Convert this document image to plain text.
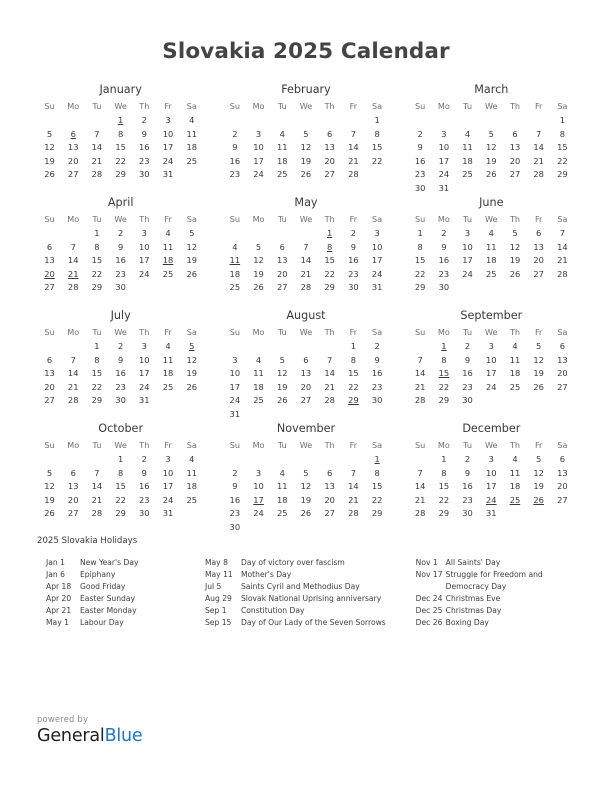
Slovakia 2025 Calendar
January
Su	Mo	Tu	We	Th	Fr	Sa
			1	2	3	4
5	6	7	8	9	10	11
12	13	14	15	16	17	18
19	20	21	22	23	24	25
26	27	28	29	30	31	
February
Su	Mo	Tu	We	Th	Fr	Sa
						1
2	3	4	5	6	7	8
9	10	11	12	13	14	15
16	17	18	19	20	21	22
23	24	25	26	27	28	
March
Su	Mo	Tu	We	Th	Fr	Sa
						1
2	3	4	5	6	7	8
9	10	11	12	13	14	15
16	17	18	19	20	21	22
23	24	25	26	27	28	29
30	31					
April
Su	Mo	Tu	We	Th	Fr	Sa
		1	2	3	4	5
6	7	8	9	10	11	12
13	14	15	16	17	18	19
20	21	22	23	24	25	26
27	28	29	30			
May
Su	Mo	Tu	We	Th	Fr	Sa
				1	2	3
4	5	6	7	8	9	10
11	12	13	14	15	16	17
18	19	20	21	22	23	24
25	26	27	28	29	30	31
June
Su	Mo	Tu	We	Th	Fr	Sa
1	2	3	4	5	6	7
8	9	10	11	12	13	14
15	16	17	18	19	20	21
22	23	24	25	26	27	28
29	30					
July
Su	Mo	Tu	We	Th	Fr	Sa
		1	2	3	4	5
6	7	8	9	10	11	12
13	14	15	16	17	18	19
20	21	22	23	24	25	26
27	28	29	30	31		
August
Su	Mo	Tu	We	Th	Fr	Sa
					1	2
3	4	5	6	7	8	9
10	11	12	13	14	15	16
17	18	19	20	21	22	23
24	25	26	27	28	29	30
31						
September
Su	Mo	Tu	We	Th	Fr	Sa
	1	2	3	4	5	6
7	8	9	10	11	12	13
14	15	16	17	18	19	20
21	22	23	24	25	26	27
28	29	30				
October
Su	Mo	Tu	We	Th	Fr	Sa
			1	2	3	4
5	6	7	8	9	10	11
12	13	14	15	16	17	18
19	20	21	22	23	24	25
26	27	28	29	30	31	
November
Su	Mo	Tu	We	Th	Fr	Sa
						1
2	3	4	5	6	7	8
9	10	11	12	13	14	15
16	17	18	19	20	21	22
23	24	25	26	27	28	29
30						
December
Su	Mo	Tu	We	Th	Fr	Sa
	1	2	3	4	5	6
7	8	9	10	11	12	13
14	15	16	17	18	19	20
21	22	23	24	25	26	27
28	29	30	31			
2025 Slovakia Holidays
Jan 1	New Year's Day
Jan 6	Epiphany
Apr 18	Good Friday
Apr 20	Easter Sunday
Apr 21	Easter Monday
May 1	Labour Day
May 8	Day of victory over fascism
May 11	Mother's Day
Jul 5	Saints Cyril and Methodius Day
Aug 29	Slovak National Uprising anniversary
Sep 1	Constitution Day
Sep 15	Day of Our Lady of the Seven Sorrows
Nov 1	All Saints' Day
Nov 17 Struggle for Freedom and Democracy Day
Dec 24 Christmas Eve
Dec 25 Christmas Day
Dec 26 Boxing Day
powered by
GeneralBlue
